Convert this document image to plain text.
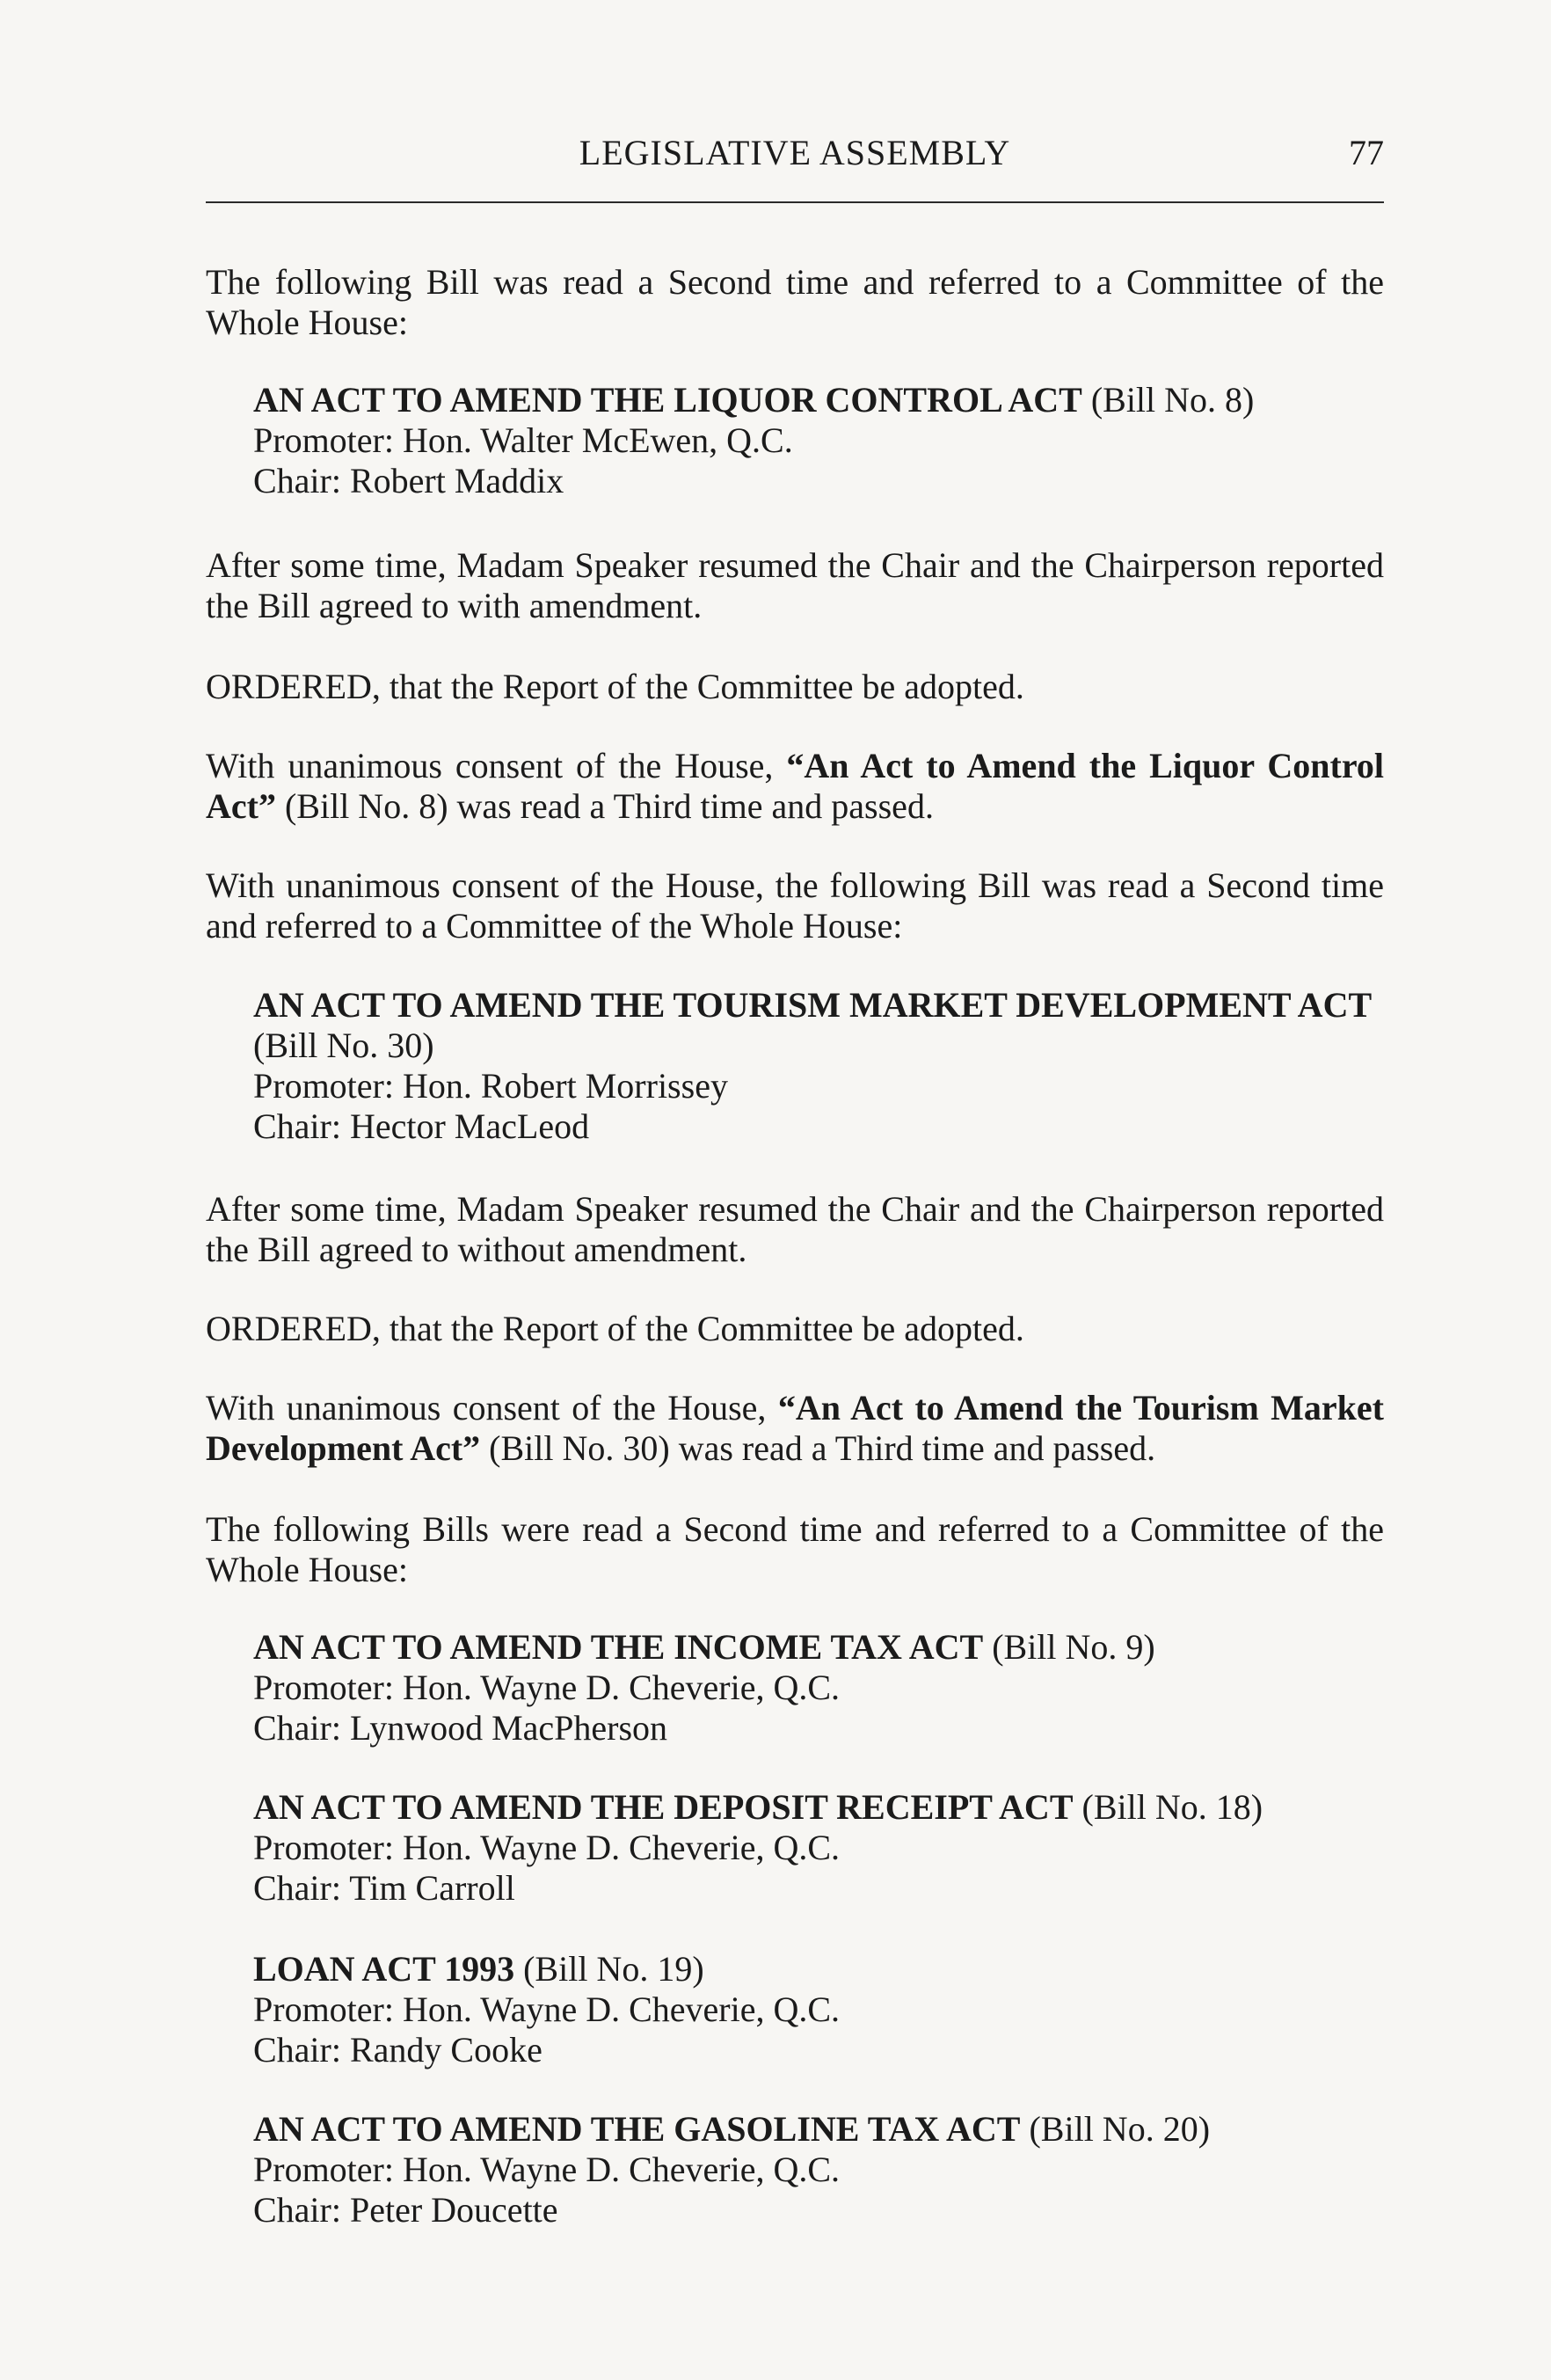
LEGISLATIVE ASSEMBLY	77
The following Bill was read a Second time and referred to a Committee of the Whole House:
AN ACT TO AMEND THE LIQUOR CONTROL ACT (Bill No. 8)
Promoter: Hon. Walter McEwen, Q.C.
Chair: Robert Maddix
After some time, Madam Speaker resumed the Chair and the Chairperson reported the Bill agreed to with amendment.
ORDERED, that the Report of the Committee be adopted.
With unanimous consent of the House, “An Act to Amend the Liquor Control Act” (Bill No. 8) was read a Third time and passed.
With unanimous consent of the House, the following Bill was read a Second time and referred to a Committee of the Whole House:
AN ACT TO AMEND THE TOURISM MARKET DEVELOPMENT ACT (Bill No. 30)
Promoter: Hon. Robert Morrissey
Chair: Hector MacLeod
After some time, Madam Speaker resumed the Chair and the Chairperson reported the Bill agreed to without amendment.
ORDERED, that the Report of the Committee be adopted.
With unanimous consent of the House, “An Act to Amend the Tourism Market Development Act” (Bill No. 30) was read a Third time and passed.
The following Bills were read a Second time and referred to a Committee of the Whole House:
AN ACT TO AMEND THE INCOME TAX ACT (Bill No. 9)
Promoter: Hon. Wayne D. Cheverie, Q.C.
Chair: Lynwood MacPherson
AN ACT TO AMEND THE DEPOSIT RECEIPT ACT (Bill No. 18)
Promoter: Hon. Wayne D. Cheverie, Q.C.
Chair: Tim Carroll
LOAN ACT 1993 (Bill No. 19)
Promoter: Hon. Wayne D. Cheverie, Q.C.
Chair: Randy Cooke
AN ACT TO AMEND THE GASOLINE TAX ACT (Bill No. 20)
Promoter: Hon. Wayne D. Cheverie, Q.C.
Chair: Peter Doucette
